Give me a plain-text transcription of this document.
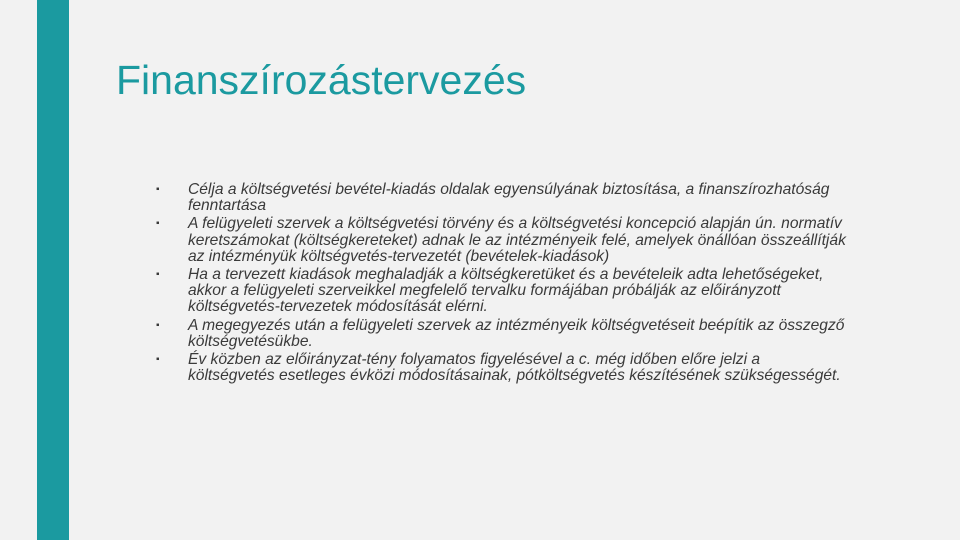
Finanszírozástervezés
▪
Célja a költségvetési bevétel-kiadás oldalak egyensúlyának biztosítása, a finanszírozhatóság fenntartása
▪
A felügyeleti szervek a költségvetési törvény és a költségvetési koncepció alapján ún. normatív keretszámokat (költségkereteket) adnak le az intézményeik felé, amelyek önállóan összeállítják az intézményük költségvetés-tervezetét (bevételek-kiadások)
▪
Ha a tervezett kiadások meghaladják a költségkeretüket és a bevételeik adta lehetőségeket, akkor a felügyeleti szerveikkel megfelelő tervalku formájában próbálják az előirányzott költségvetés-tervezetek módosítását elérni.
▪
A megegyezés után a felügyeleti szervek az intézményeik költségvetéseit beépítik az összegző költségvetésükbe.
▪
Év közben az előirányzat-tény folyamatos figyelésével a c. még időben előre jelzi a költségvetés esetleges évközi módosításainak, pótköltségvetés készítésének szükségességét.
